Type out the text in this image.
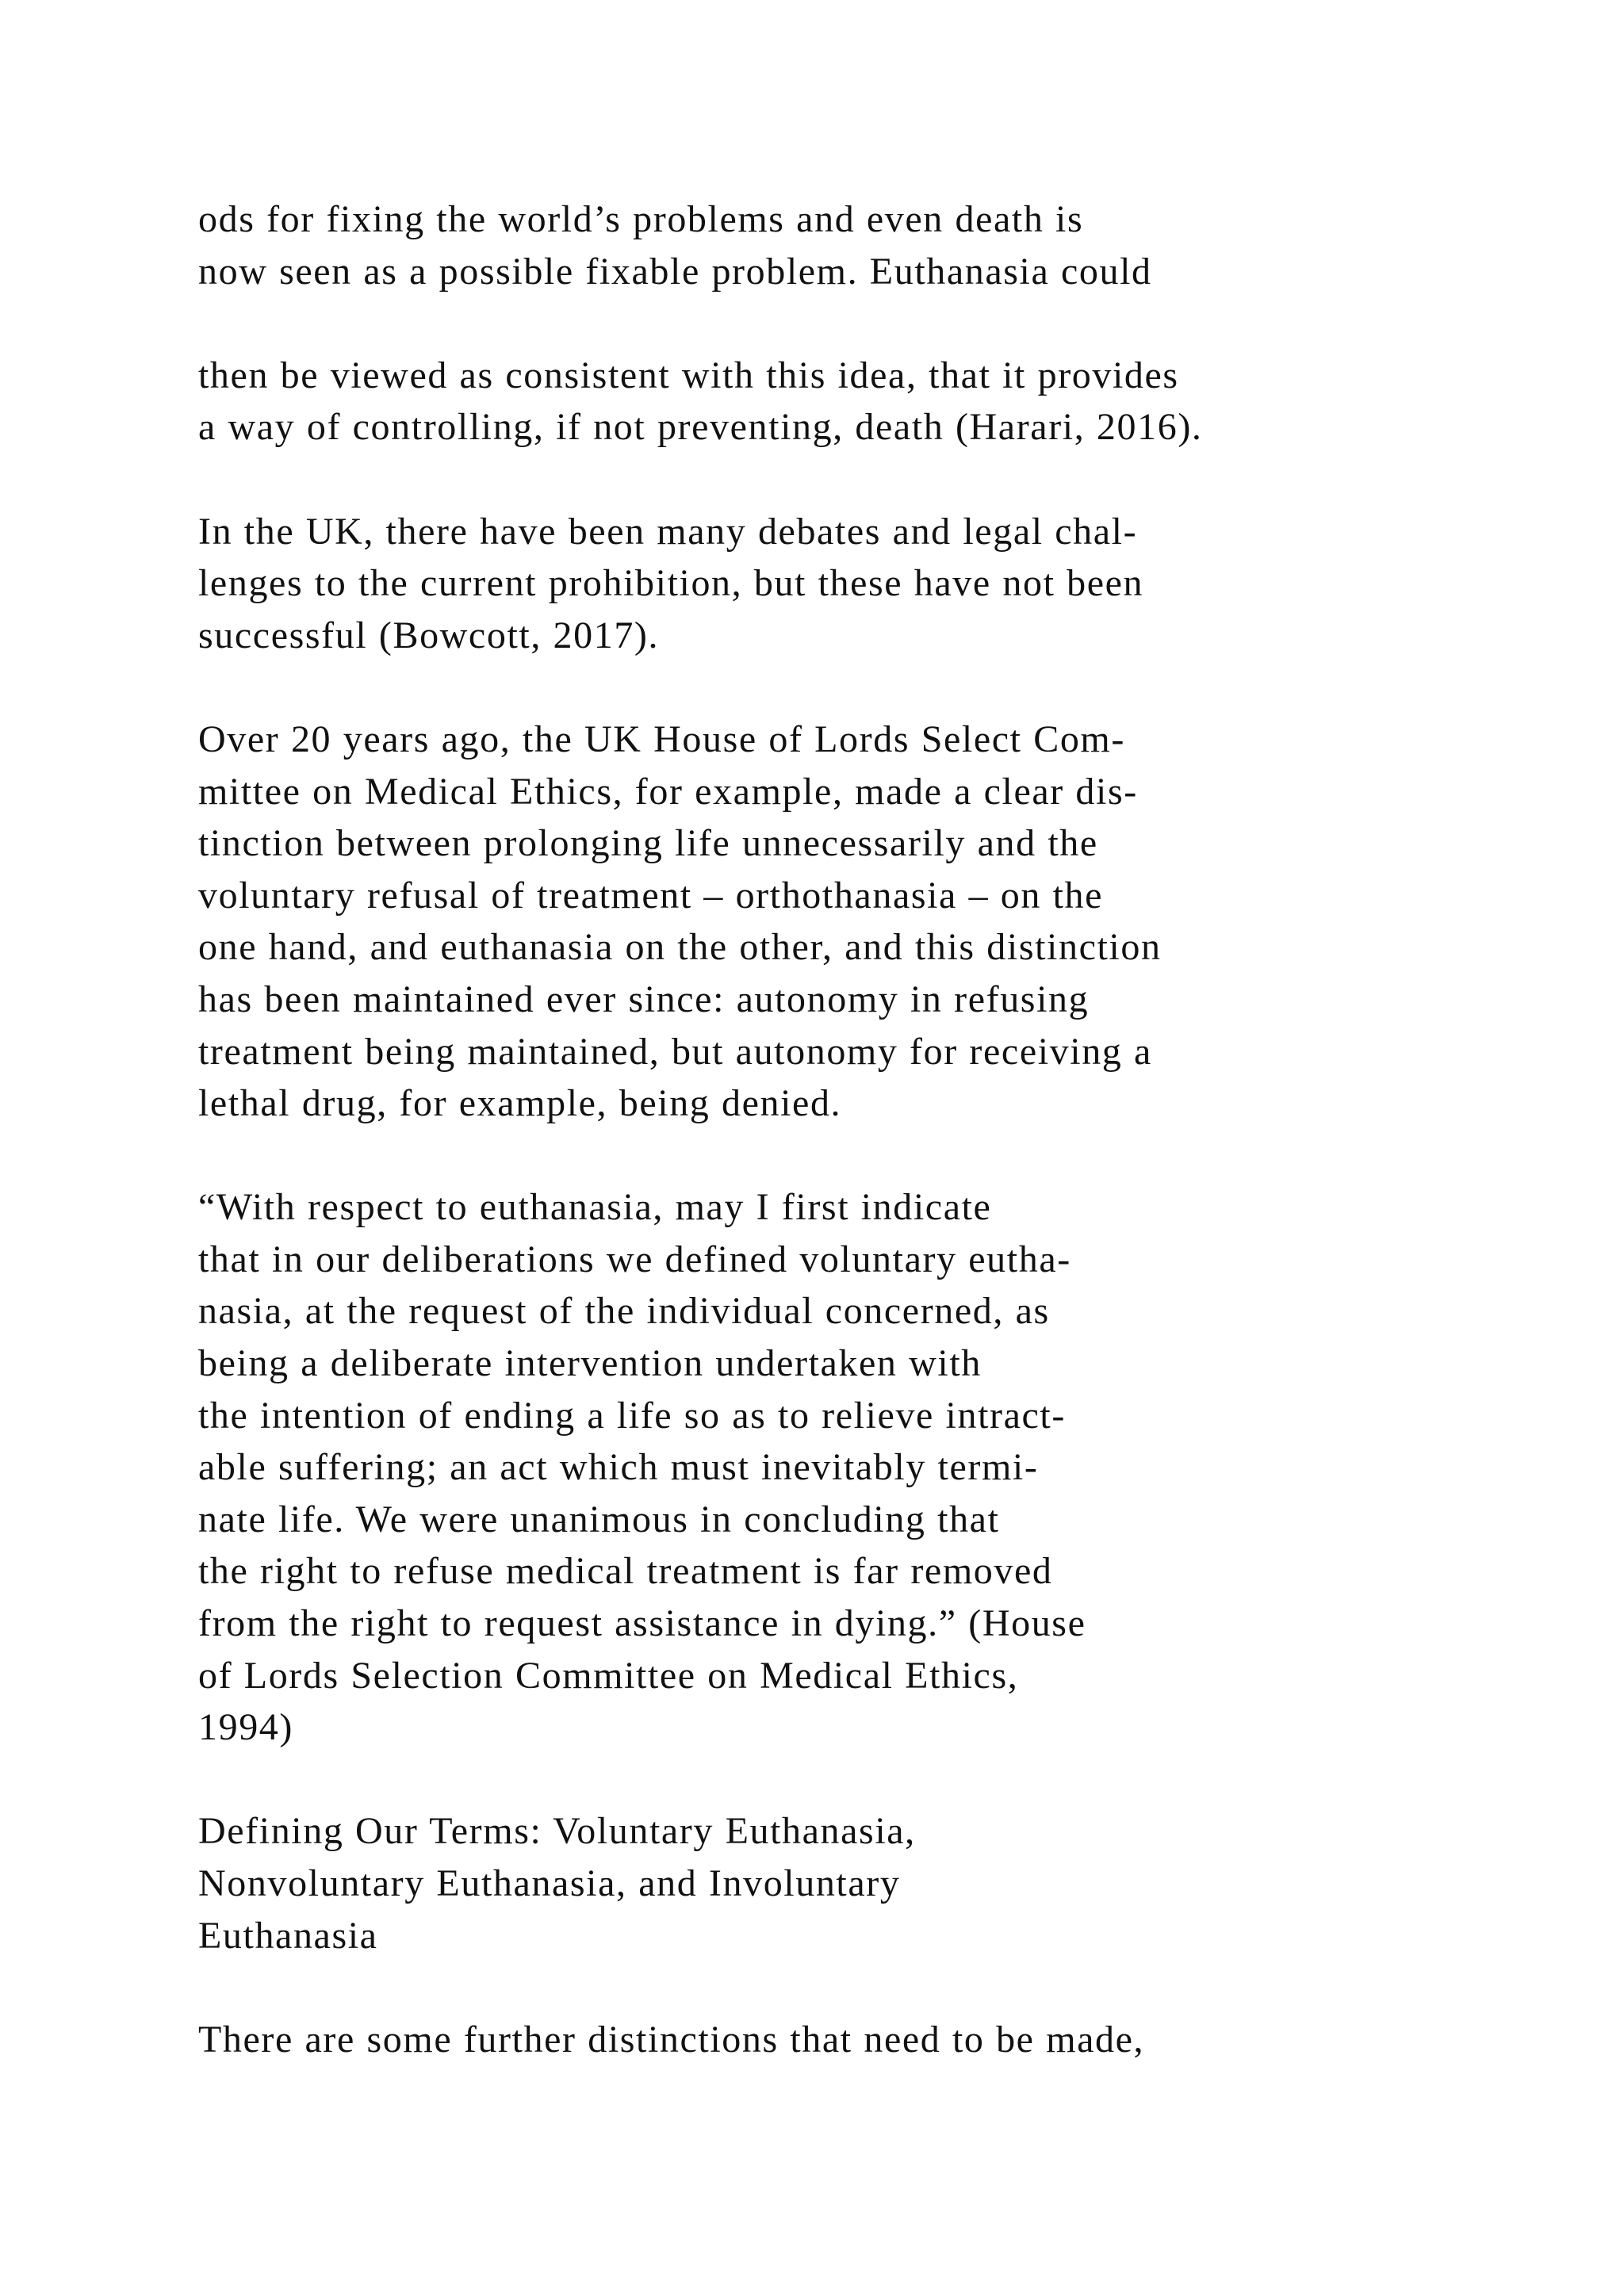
ods for fixing the world’s problems and even death is
now seen as a possible fixable problem. Euthanasia could

then be viewed as consistent with this idea, that it provides
a way of controlling, if not preventing, death (Harari, 2016).

In the UK, there have been many debates and legal chal-
lenges to the current prohibition, but these have not been
successful (Bowcott, 2017).

Over 20 years ago, the UK House of Lords Select Com-
mittee on Medical Ethics, for example, made a clear dis-
tinction between prolonging life unnecessarily and the
voluntary refusal of treatment – orthothanasia – on the
one hand, and euthanasia on the other, and this distinction
has been maintained ever since: autonomy in refusing
treatment being maintained, but autonomy for receiving a
lethal drug, for example, being denied.

“With respect to euthanasia, may I first indicate
that in our deliberations we defined voluntary eutha-
nasia, at the request of the individual concerned, as
being a deliberate intervention undertaken with
the intention of ending a life so as to relieve intract-
able suffering; an act which must inevitably termi-
nate life. We were unanimous in concluding that
the right to refuse medical treatment is far removed
from the right to request assistance in dying.” (House
of Lords Selection Committee on Medical Ethics,
1994)

Defining Our Terms: Voluntary Euthanasia,
Nonvoluntary Euthanasia, and Involuntary
Euthanasia

There are some further distinctions that need to be made,
